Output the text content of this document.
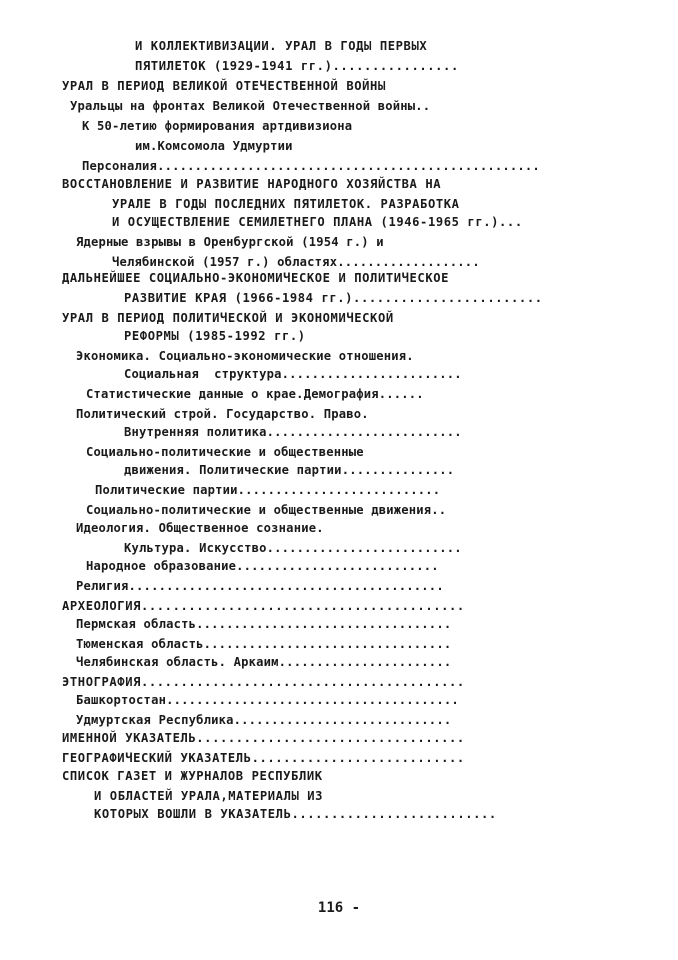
И КОЛЛЕКТИВИЗАЦИИ. УРАЛ В ГОДЫ ПЕРВЫХ
ПЯТИЛЕТОК (1929-1941 гг.)................
УРАЛ В ПЕРИОД ВЕЛИКОЙ ОТЕЧЕСТВЕННОЙ ВОЙНЫ
Уральцы на фронтах Великой Отечественной войны..
К 50-летию формирования артдивизиона
им.Комсомола Удмуртии
Персоналия...................................................
ВОССТАНОВЛЕНИЕ И РАЗВИТИЕ НАРОДНОГО ХОЗЯЙСТВА НА
УРАЛЕ В ГОДЫ ПОСЛЕДНИХ ПЯТИЛЕТОК. РАЗРАБОТКА
И ОСУЩЕСТВЛЕНИЕ СЕМИЛЕТНЕГО ПЛАНА (1946-1965 гг.)...
Ядерные взрывы в Оренбургской (1954 г.) и
Челябинской (1957 г.) областях...................
ДАЛЬНЕЙШЕЕ СОЦИАЛЬНО-ЭКОНОМИЧЕСКОЕ И ПОЛИТИЧЕСКОЕ
РАЗВИТИЕ КРАЯ (1966-1984 гг.)........................
УРАЛ В ПЕРИОД ПОЛИТИЧЕСКОЙ И ЭКОНОМИЧЕСКОЙ
РЕФОРМЫ (1985-1992 гг.)
Экономика. Социально-экономические отношения.
Социальная  структура........................
Статистические данные о крае.Демография......
Политический строй. Государство. Право.
Внутренняя политика..........................
Социально-политические и общественные
движения. Политические партии...............
Политические партии...........................
Социально-политические и общественные движения..
Идеология. Общественное сознание.
Культура. Искусство..........................
Народное образование...........................
Религия..........................................
АРХЕОЛОГИЯ.........................................
Пермская область..................................
Тюменская область.................................
Челябинская область. Аркаим.......................
ЭТНОГРАФИЯ.........................................
Башкортостан.......................................
Удмуртская Республика.............................
ИМЕННОЙ УКАЗАТЕЛЬ..................................
ГЕОГРАФИЧЕСКИЙ УКАЗАТЕЛЬ...........................
СПИСОК ГАЗЕТ И ЖУРНАЛОВ РЕСПУБЛИК
И ОБЛАСТЕЙ УРАЛА,МАТЕРИАЛЫ ИЗ
КОТОРЫХ ВОШЛИ В УКАЗАТЕЛЬ..........................
116 -
